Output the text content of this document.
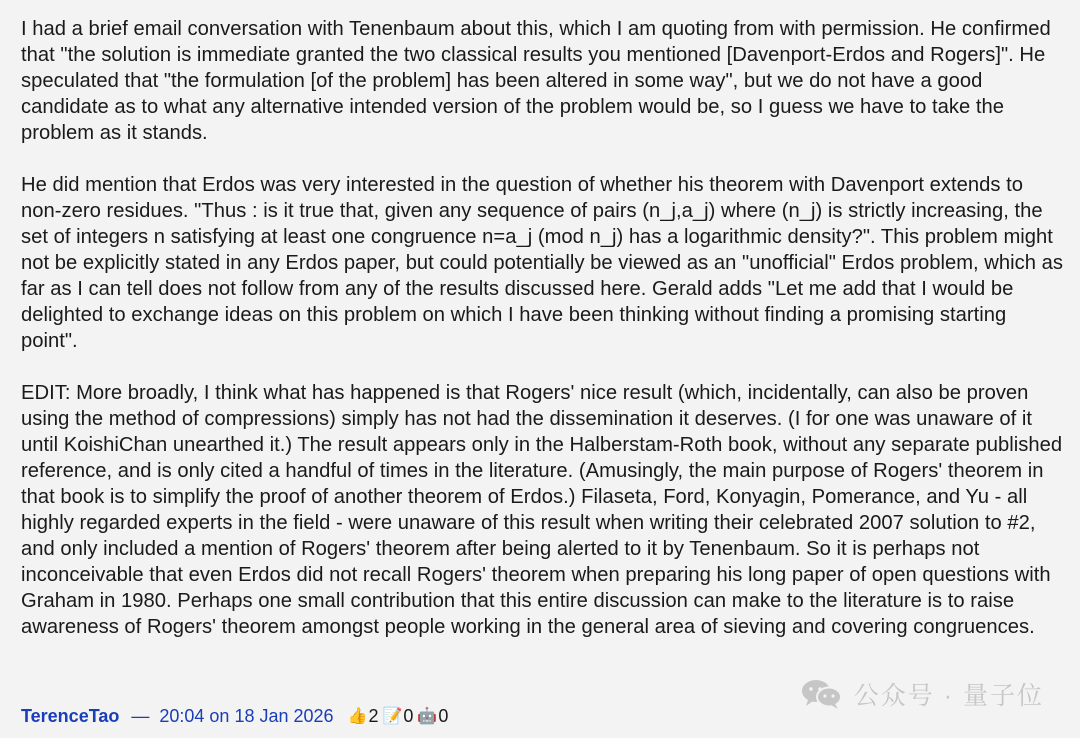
I had a brief email conversation with Tenenbaum about this, which I am quoting from with permission. He confirmed that "the solution is immediate granted the two classical results you mentioned [Davenport-Erdos and Rogers]". He speculated that "the formulation [of the problem] has been altered in some way", but we do not have a good candidate as to what any alternative intended version of the problem would be, so I guess we have to take the problem as it stands.

He did mention that Erdos was very interested in the question of whether his theorem with Davenport extends to non-zero residues. "Thus : is it true that, given any sequence of pairs (n_j,a_j) where (n_j) is strictly increasing, the set of integers n satisfying at least one congruence n=a_j (mod n_j) has a logarithmic density?". This problem might not be explicitly stated in any Erdos paper, but could potentially be viewed as an "unofficial" Erdos problem, which as far as I can tell does not follow from any of the results discussed here. Gerald adds "Let me add that I would be delighted to exchange ideas on this problem on which I have been thinking without finding a promising starting point".

EDIT: More broadly, I think what has happened is that Rogers' nice result (which, incidentally, can also be proven using the method of compressions) simply has not had the dissemination it deserves. (I for one was unaware of it until KoishiChan unearthed it.) The result appears only in the Halberstam-Roth book, without any separate published reference, and is only cited a handful of times in the literature. (Amusingly, the main purpose of Rogers' theorem in that book is to simplify the proof of another theorem of Erdos.) Filaseta, Ford, Konyagin, Pomerance, and Yu - all highly regarded experts in the field - were unaware of this result when writing their celebrated 2007 solution to #2, and only included a mention of Rogers' theorem after being alerted to it by Tenenbaum. So it is perhaps not inconceivable that even Erdos did not recall Rogers' theorem when preparing his long paper of open questions with Graham in 1980. Perhaps one small contribution that this entire discussion can make to the literature is to raise awareness of Rogers' theorem amongst people working in the general area of sieving and covering congruences.

TerenceTao — 20:04 on 18 Jan 2026 👍 2 📝 0 🤖 0
公众号 · 量子位
